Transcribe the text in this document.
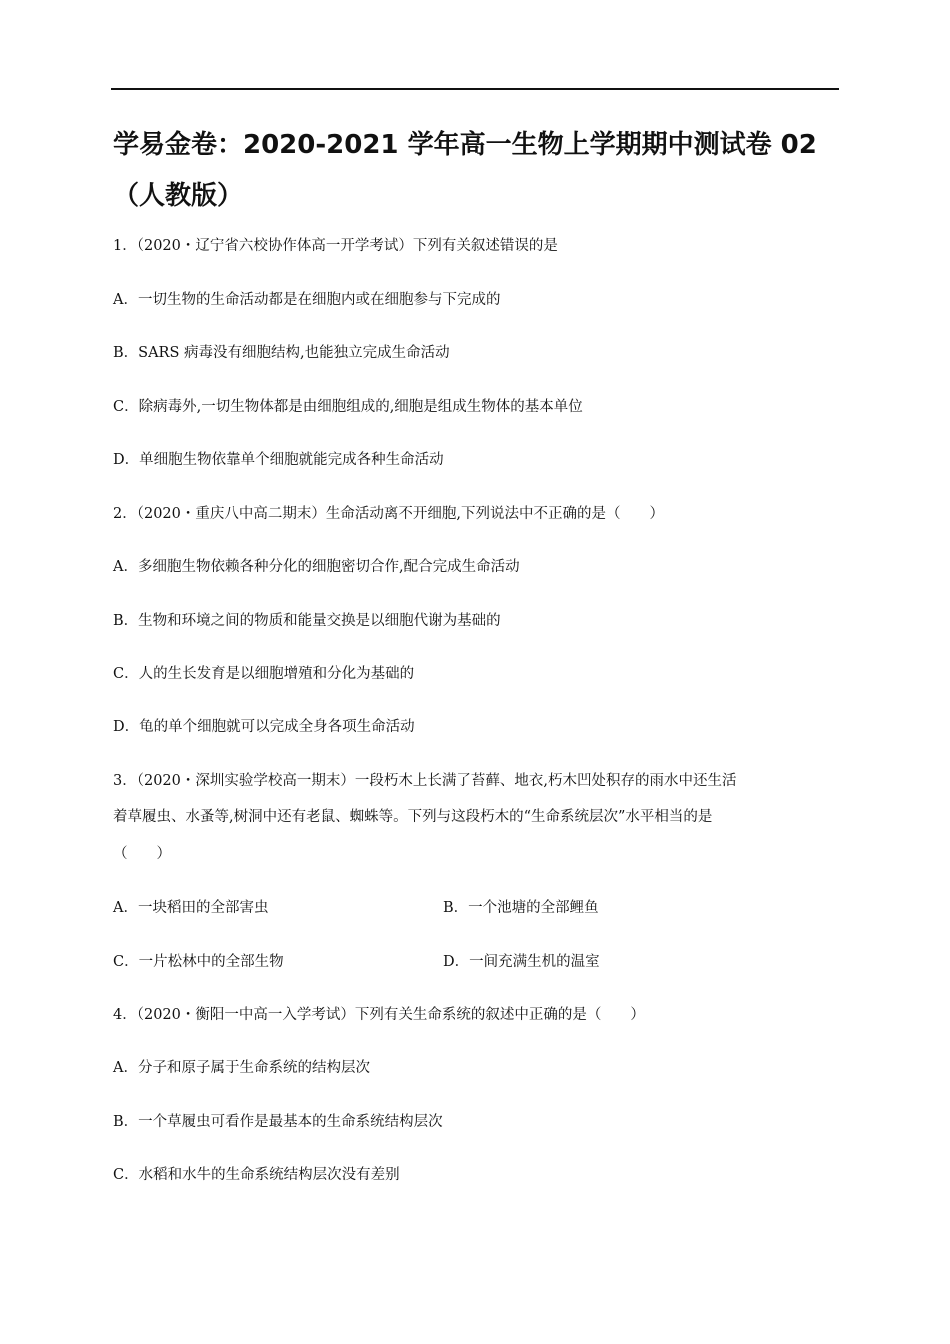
学易金卷：2020-2021 学年高一生物上学期期中测试卷 02（人教版）

1．（2020・辽宁省六校协作体高一开学考试）下列有关叙述错误的是

A．一切生物的生命活动都是在细胞内或在细胞参与下完成的

B．SARS 病毒没有细胞结构,也能独立完成生命活动

C．除病毒外,一切生物体都是由细胞组成的,细胞是组成生物体的基本单位

D．单细胞生物依靠单个细胞就能完成各种生命活动

2．（2020・重庆八中高二期末）生命活动离不开细胞,下列说法中不正确的是（　　）

A．多细胞生物依赖各种分化的细胞密切合作,配合完成生命活动

B．生物和环境之间的物质和能量交换是以细胞代谢为基础的

C．人的生长发育是以细胞增殖和分化为基础的

D．龟的单个细胞就可以完成全身各项生命活动

3．（2020・深圳实验学校高一期末）一段朽木上长满了苔藓、地衣,朽木凹处积存的雨水中还生活

着草履虫、水蚤等,树洞中还有老鼠、蜘蛛等。下列与这段朽木的“生命系统层次”水平相当的是

（　　）

A．一块稻田的全部害虫	B．一个池塘的全部鲤鱼

C．一片松林中的全部生物	D．一间充满生机的温室

4．（2020・衡阳一中高一入学考试）下列有关生命系统的叙述中正确的是（　　）

A．分子和原子属于生命系统的结构层次

B．一个草履虫可看作是最基本的生命系统结构层次

C．水稻和水牛的生命系统结构层次没有差别
